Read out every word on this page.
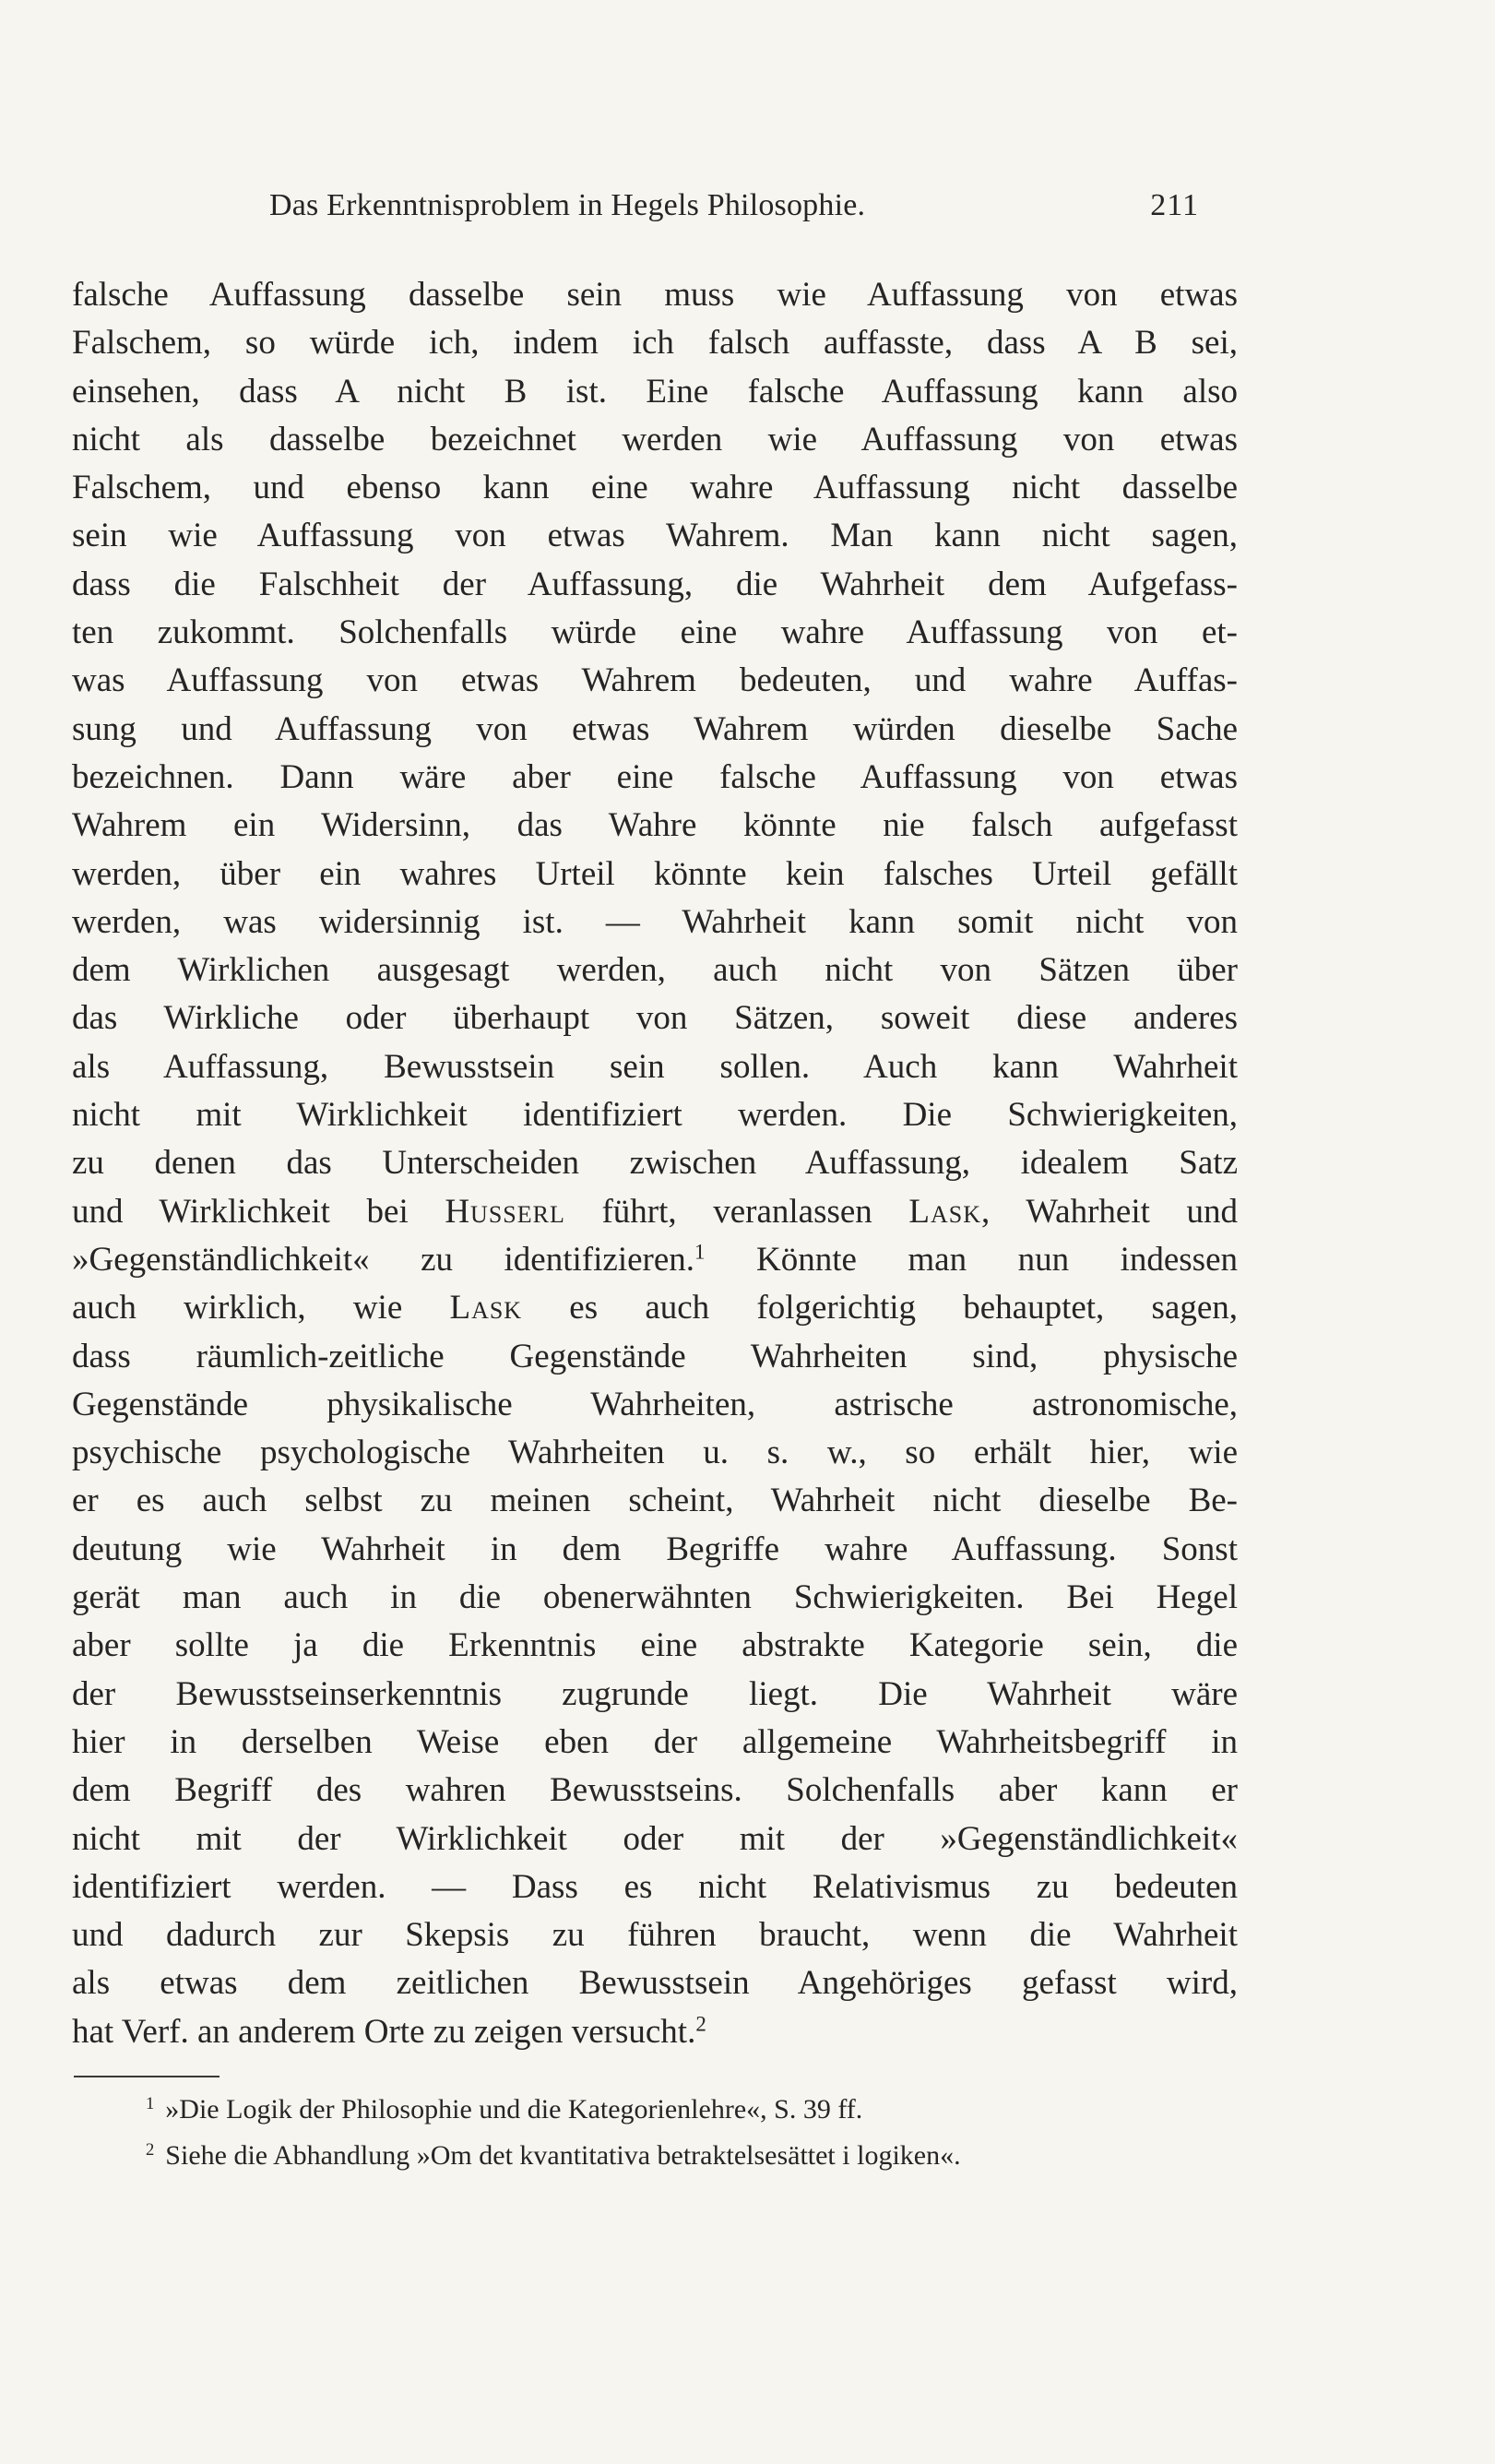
Das Erkenntnisproblem in Hegels Philosophie.	211
falsche Auffassung dasselbe sein muss wie Auffassung von etwas
Falschem, so würde ich, indem ich falsch auffasste, dass A B sei,
einsehen, dass A nicht B ist. Eine falsche Auffassung kann also
nicht als dasselbe bezeichnet werden wie Auffassung von etwas
Falschem, und ebenso kann eine wahre Auffassung nicht dasselbe
sein wie Auffassung von etwas Wahrem. Man kann nicht sagen,
dass die Falschheit der Auffassung, die Wahrheit dem Aufgefass-
ten zukommt. Solchenfalls würde eine wahre Auffassung von et-
was Auffassung von etwas Wahrem bedeuten, und wahre Auffas-
sung und Auffassung von etwas Wahrem würden dieselbe Sache
bezeichnen. Dann wäre aber eine falsche Auffassung von etwas
Wahrem ein Widersinn, das Wahre könnte nie falsch aufgefasst
werden, über ein wahres Urteil könnte kein falsches Urteil gefällt
werden, was widersinnig ist. — Wahrheit kann somit nicht von
dem Wirklichen ausgesagt werden, auch nicht von Sätzen über
das Wirkliche oder überhaupt von Sätzen, soweit diese anderes
als Auffassung, Bewusstsein sein sollen. Auch kann Wahrheit
nicht mit Wirklichkeit identifiziert werden. Die Schwierigkeiten,
zu denen das Unterscheiden zwischen Auffassung, idealem Satz
und Wirklichkeit bei Husserl führt, veranlassen Lask, Wahrheit und
»Gegenständlichkeit« zu identifizieren.$^1$ Könnte man nun indessen
auch wirklich, wie Lask es auch folgerichtig behauptet, sagen,
dass räumlich-zeitliche Gegenstände Wahrheiten sind, physische
Gegenstände physikalische Wahrheiten, astrische astronomische,
psychische psychologische Wahrheiten u. s. w., so erhält hier, wie
er es auch selbst zu meinen scheint, Wahrheit nicht dieselbe Be-
deutung wie Wahrheit in dem Begriffe wahre Auffassung. Sonst
gerät man auch in die obenerwähnten Schwierigkeiten. Bei Hegel
aber sollte ja die Erkenntnis eine abstrakte Kategorie sein, die
der Bewusstseinserkenntnis zugrunde liegt. Die Wahrheit wäre
hier in derselben Weise eben der allgemeine Wahrheitsbegriff in
dem Begriff des wahren Bewusstseins. Solchenfalls aber kann er
nicht mit der Wirklichkeit oder mit der »Gegenständlichkeit«
identifiziert werden. — Dass es nicht Relativismus zu bedeuten
und dadurch zur Skepsis zu führen braucht, wenn die Wahrheit
als etwas dem zeitlichen Bewusstsein Angehöriges gefasst wird,
hat Verf. an anderem Orte zu zeigen versucht.$^2$
$^1$ »Die Logik der Philosophie und die Kategorienlehre«, S. 39 ff.
$^2$ Siehe die Abhandlung »Om det kvantitativa betraktelsesättet i logiken«.
